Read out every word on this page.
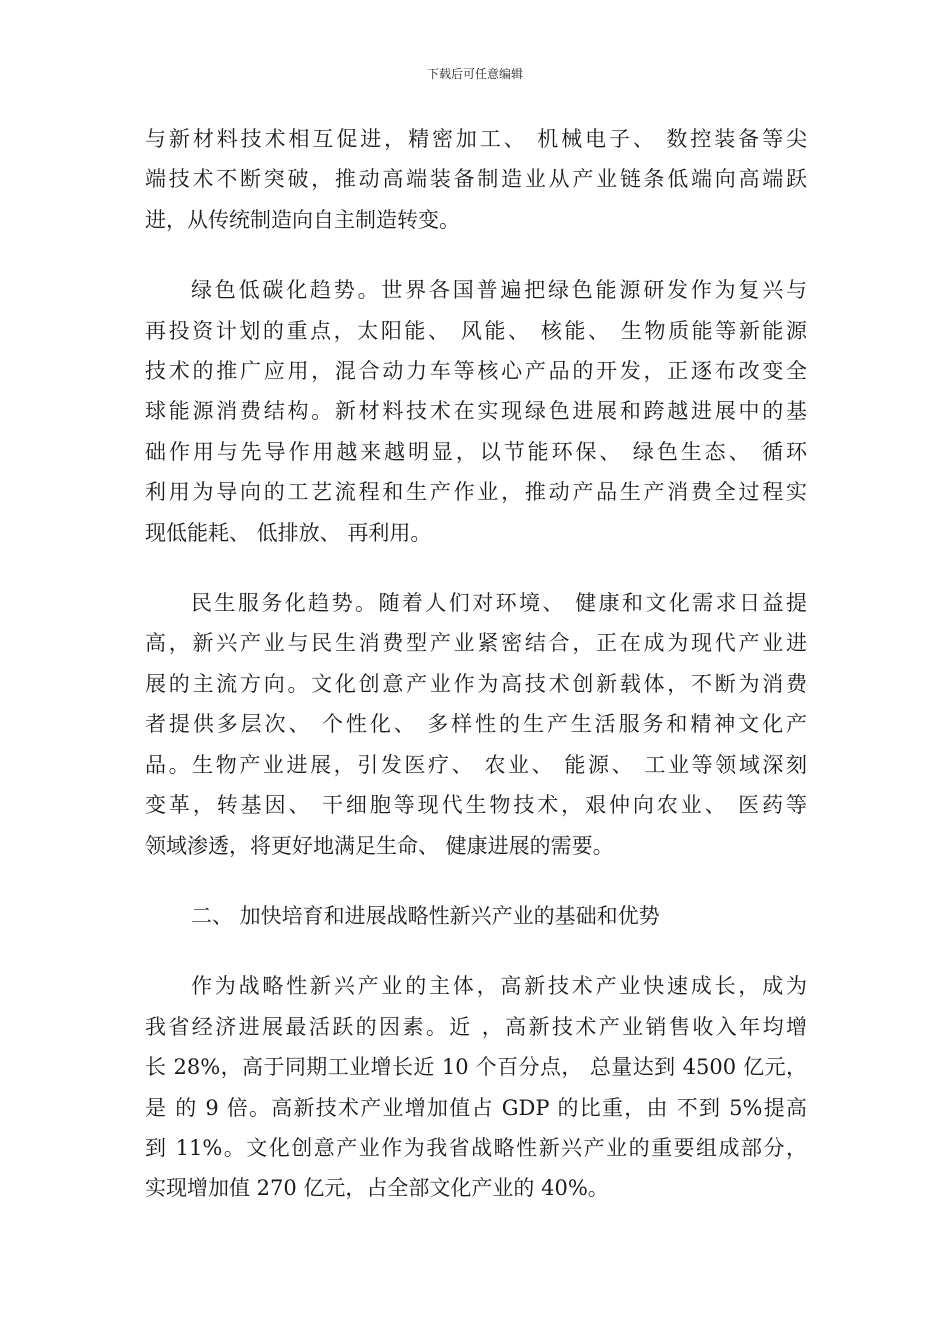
下载后可任意编辑

与新材料技术相互促进，精密加工、 机械电子、 数控装备等尖
端技术不断突破，推动高端装备制造业从产业链条低端向高端跃
进，从传统制造向自主制造转变。

绿色低碳化趋势。世界各国普遍把绿色能源研发作为复兴与
再投资计划的重点，太阳能、 风能、 核能、 生物质能等新能源
技术的推广应用，混合动力车等核心产品的开发，正逐布改变全
球能源消费结构。新材料技术在实现绿色进展和跨越进展中的基
础作用与先导作用越来越明显，以节能环保、 绿色生态、 循环
利用为导向的工艺流程和生产作业，推动产品生产消费全过程实
现低能耗、 低排放、 再利用。

民生服务化趋势。随着人们对环境、 健康和文化需求日益提
高，新兴产业与民生消费型产业紧密结合，正在成为现代产业进
展的主流方向。文化创意产业作为高技术创新载体，不断为消费
者提供多层次、 个性化、 多样性的生产生活服务和精神文化产
品。生物产业进展，引发医疗、 农业、 能源、 工业等领域深刻
变革，转基因、 干细胞等现代生物技术，艰仲向农业、 医药等
领域渗透，将更好地满足生命、 健康进展的需要。

二、 加快培育和进展战略性新兴产业的基础和优势

作为战略性新兴产业的主体，高新技术产业快速成长，成为
我省经济进展最活跃的因素。近 ，高新技术产业销售收入年均增
长 28%，高于同期工业增长近 10 个百分点， 总量达到 4500 亿元，
是 的 9 倍。高新技术产业增加值占 GDP 的比重，由 不到 5%提高
到 11%。文化创意产业作为我省战略性新兴产业的重要组成部分，
实现增加值 270 亿元，占全部文化产业的 40%。
